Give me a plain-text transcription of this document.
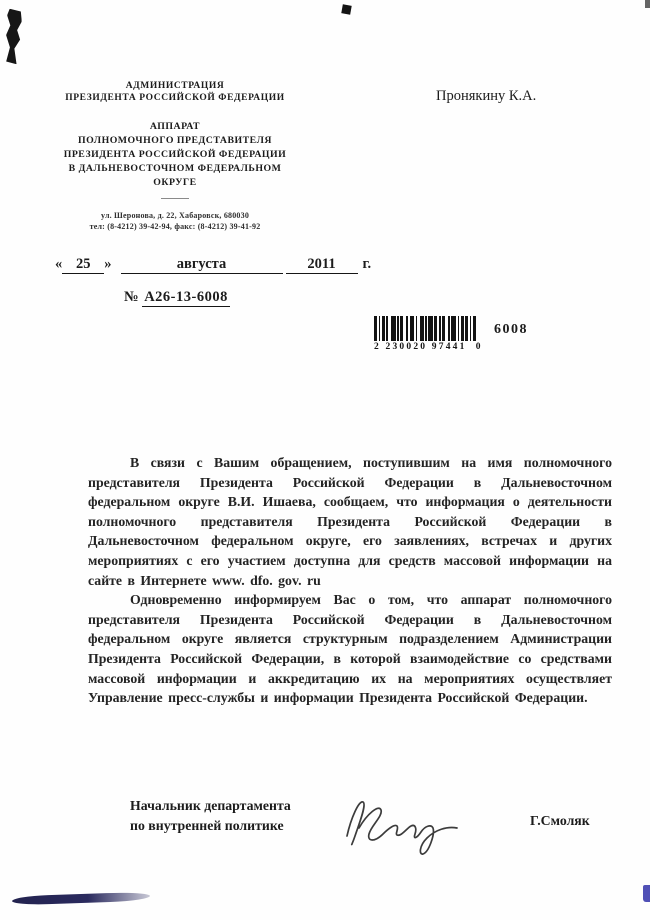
АДМИНИСТРАЦИЯ
ПРЕЗИДЕНТА РОССИЙСКОЙ ФЕДЕРАЦИИ
АППАРАТ
ПОЛНОМОЧНОГО ПРЕДСТАВИТЕЛЯ
ПРЕЗИДЕНТА РОССИЙСКОЙ ФЕДЕРАЦИИ
В ДАЛЬНЕВОСТОЧНОМ ФЕДЕРАЛЬНОМ
ОКРУГЕ
ул. Шеронова, д. 22, Хабаровск, 680030
тел: (8-4212) 39-42-94, факс: (8-4212) 39-41-92
Пронякину К.А.
« 25 »	августа	2011 г.
№ А26-13-6008
2 230020 97441  0
6008

В связи с Вашим обращением, поступившим на имя полномочного представителя Президента Российской Федерации в Дальневосточном федеральном округе В.И. Ишаева, сообщаем, что информация о деятельности полномочного представителя Президента Российской Федерации в Дальневосточном федеральном округе, его заявлениях, встречах и других мероприятиях с его участием доступна для средств массовой информации на сайте в Интернете www. dfo. gov. ru

Одновременно информируем Вас о том, что аппарат полномочного представителя Президента Российской Федерации в Дальневосточном федеральном округе является структурным подразделением Администрации Президента Российской Федерации, в которой взаимодействие со средствами массовой информации и аккредитацию их на мероприятиях осуществляет Управление пресс-службы и информации Президента Российской Федерации.

Начальник департамента
по внутренней политике	Г.Смоляк
